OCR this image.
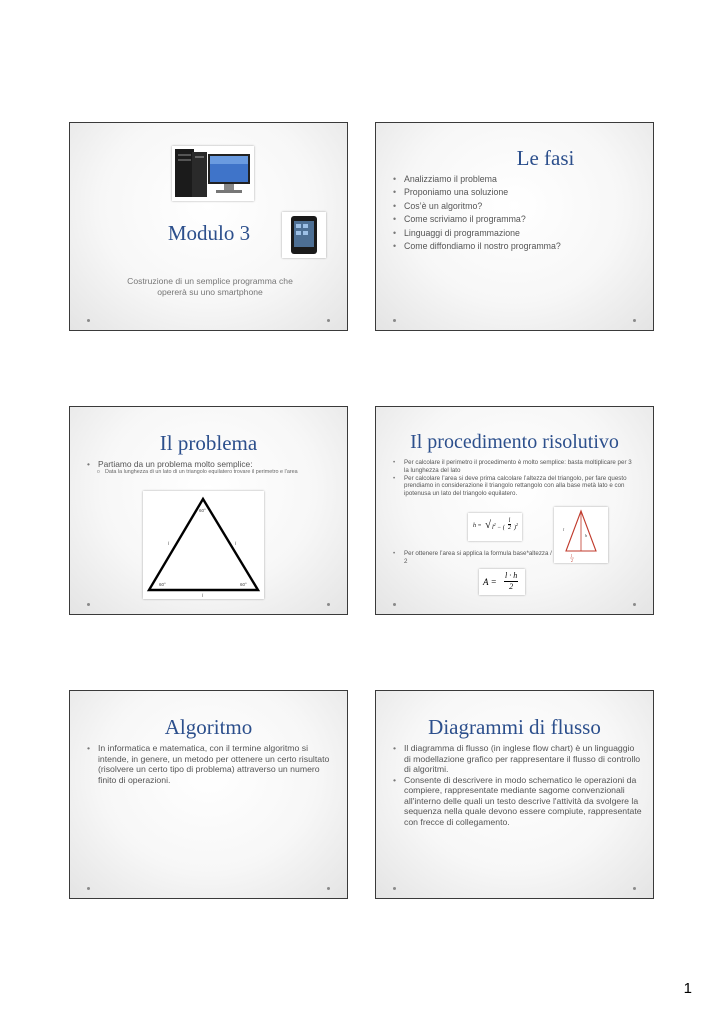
Modulo 3
Costruzione di un semplice programma che opererà su uno smartphone
Le fasi
• Analizziamo il problema
• Proponiamo una soluzione
• Cos’è un algoritmo?
• Come scriviamo il programma?
• Linguaggi di programmazione
• Come diffondiamo il nostro programma?
Il problema
• Partiamo da un problema molto semplice:
o Data la lunghezza di un lato di un triangolo equilatero trovare il perimetro e l’area
60°
60°	60°
l	l
l
Il procedimento risolutivo
• Per calcolare il perimetro il procedimento è molto semplice: basta moltiplicare per 3 la lunghezza del lato
• Per calcolare l’area si deve prima calcolare l’altezza del triangolo, per fare questo prendiamo in considerazione il triangolo rettangolo con alla base metà lato e con ipotenusa un lato del triangolo equilatero.
h = √ $l^2$ − (
l
2 )$^2$
l
h
l
2
• Per ottenere l’area si applica la formula base*altezza / 2
A =
l · h
2
Algoritmo
• In informatica e matematica, con il termine algoritmo si intende, in genere, un metodo per ottenere un certo risultato (risolvere un certo tipo di problema) attraverso un numero finito di operazioni.
Diagrammi di flusso
• Il diagramma di flusso (in inglese flow chart) è un linguaggio di modellazione grafico per rappresentare il flusso di controllo di algoritmi.
• Consente di descrivere in modo schematico le operazioni da compiere, rappresentate mediante sagome convenzionali all'interno delle quali un testo descrive l'attività da svolgere la sequenza nella quale devono essere compiute, rappresentate con frecce di collegamento.
1
